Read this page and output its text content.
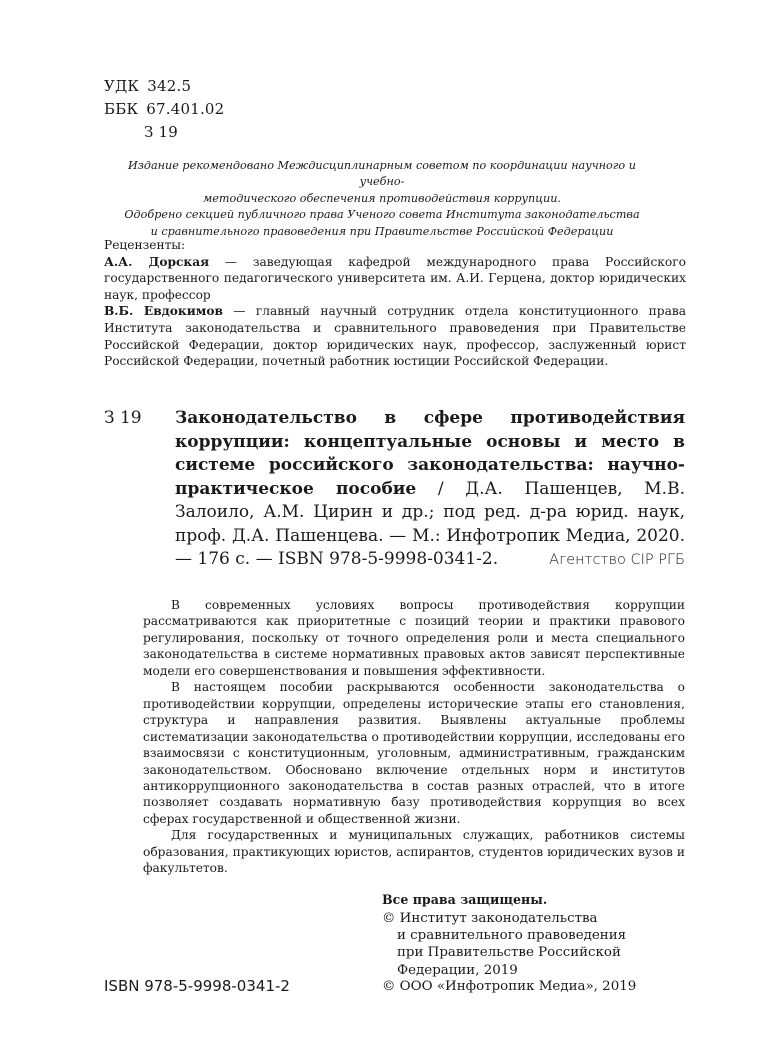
УДК 342.5
ББК 67.401.02
З 19

Издание рекомендовано Междисциплинарным советом по координации научного и учебно-

методического обеспечения противодействия коррупции.

Одобрено секцией публичного права Ученого совета Института законодательства

и сравнительного правоведения при Правительстве Российской Федерации

Рецензенты:

А.А. Дорская — заведующая кафедрой международного права Российского государственного педагогического университета им. А.И. Герцена, доктор юридических наук, профессор

В.Б. Евдокимов — главный научный сотрудник отдела конституционного права Института законодательства и сравнительного правоведения при Правительстве Российской Федерации, доктор юридических наук, профессор, заслуженный юрист Российской Федерации, почетный работник юстиции Российской Федерации.

З 19 Законодательство в сфере противодействия коррупции: концептуальные основы и место в системе российского законодательства: научно-практическое пособие / Д.А. Пашенцев, М.В. Залоило, А.М. Цирин и др.; под ред. д-ра юрид. наук, проф. Д.А. Пашенцева. — М.: Инфотропик Медиа, 2020. — 176 с. — ISBN 978-5-9998-0341-2.	Агентство CIP РГБ

В современных условиях вопросы противодействия коррупции рассматриваются как приоритетные с позиций теории и практики правового регулирования, поскольку от точного определения роли и места специального законодательства в системе нормативных правовых актов зависят перспективные модели его совершенствования и повышения эффективности.

В настоящем пособии раскрываются особенности законодательства о противодействии коррупции, определены исторические этапы его становления, структура и направления развития. Выявлены актуальные проблемы систематизации законодательства о противодействии коррупции, исследованы его взаимосвязи с конституционным, уголовным, административным, гражданским законодательством. Обосновано включение отдельных норм и институтов антикоррупционного законодательства в состав разных отраслей, что в итоге позволяет создавать нормативную базу противодействия коррупция во всех сферах государственной и общественной жизни.

Для государственных и муниципальных служащих, работников системы образования, практикующих юристов, аспирантов, студентов юридических вузов и факультетов.

Все права защищены.
© Институт законодательства
и сравнительного правоведения
при Правительстве Российской
Федерации, 2019
© ООО «Инфотропик Медиа», 2019
ISBN 978-5-9998-0341-2
